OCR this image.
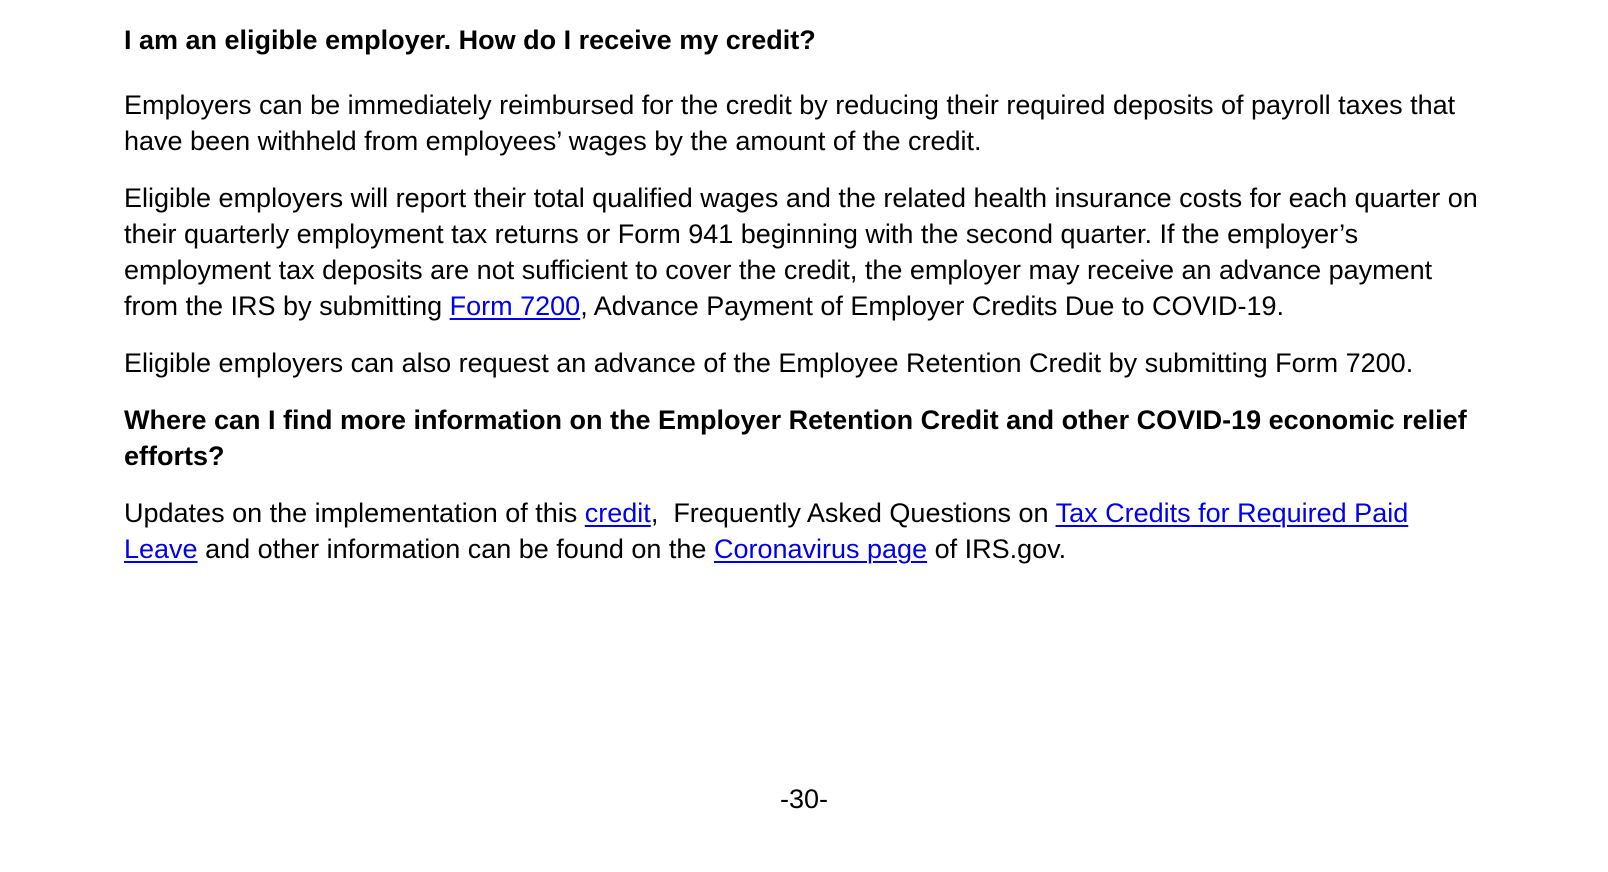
I am an eligible employer. How do I receive my credit?

Employers can be immediately reimbursed for the credit by reducing their required deposits of payroll taxes that have been withheld from employees’ wages by the amount of the credit.

Eligible employers will report their total qualified wages and the related health insurance costs for each quarter on their quarterly employment tax returns or Form 941 beginning with the second quarter. If the employer’s employment tax deposits are not sufficient to cover the credit, the employer may receive an advance payment from the IRS by submitting Form 7200, Advance Payment of Employer Credits Due to COVID-19.

Eligible employers can also request an advance of the Employee Retention Credit by submitting Form 7200.

Where can I find more information on the Employer Retention Credit and other COVID-19 economic relief efforts?

Updates on the implementation of this credit,  Frequently Asked Questions on Tax Credits for Required Paid Leave and other information can be found on the Coronavirus page of IRS.gov.

-30-
